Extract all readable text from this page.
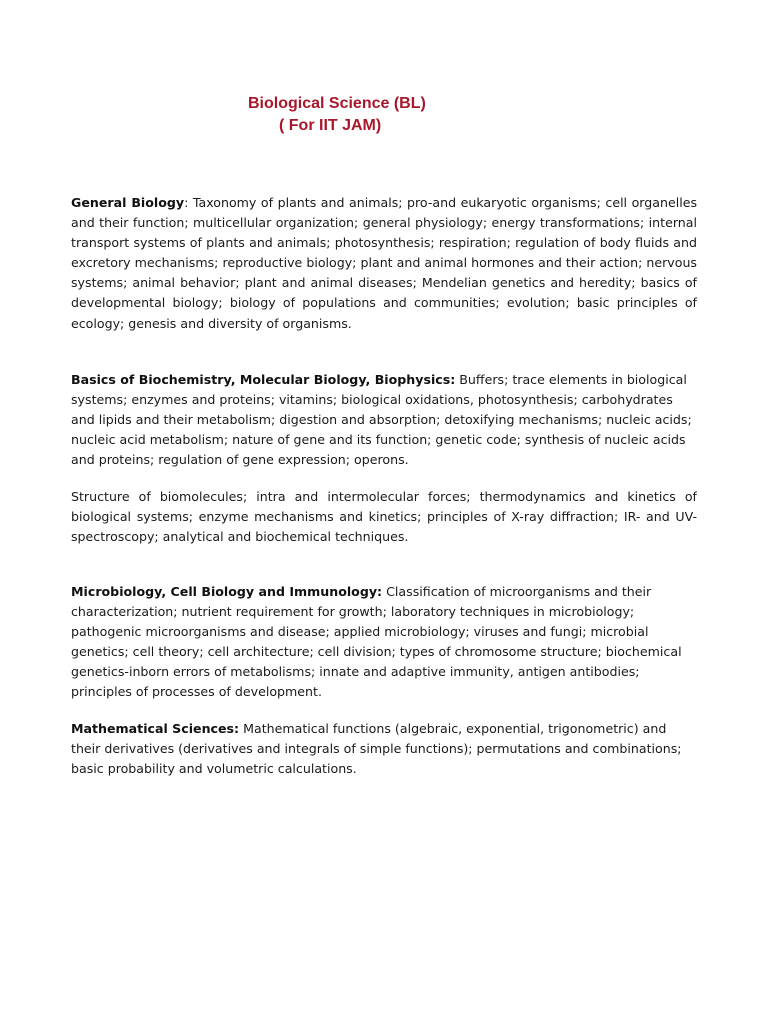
Biological Science (BL)
( For IIT JAM)

General Biology: Taxonomy of plants and animals; pro-and eukaryotic organisms; cell organelles and their function; multicellular organization; general physiology; energy transformations; internal transport systems of plants and animals; photosynthesis; respiration; regulation of body fluids and excretory mechanisms; reproductive biology; plant and animal hormones and their action; nervous systems; animal behavior; plant and animal diseases; Mendelian genetics and heredity; basics of developmental biology; biology of populations and communities; evolution; basic principles of ecology; genesis and diversity of organisms.

Basics of Biochemistry, Molecular Biology, Biophysics: Buffers; trace elements in biological systems; enzymes and proteins; vitamins; biological oxidations, photosynthesis; carbohydrates and lipids and their metabolism; digestion and absorption; detoxifying mechanisms; nucleic acids; nucleic acid metabolism; nature of gene and its function; genetic code; synthesis of nucleic acids and proteins; regulation of gene expression; operons.

Structure of biomolecules; intra and intermolecular forces; thermodynamics and kinetics of biological systems; enzyme mechanisms and kinetics; principles of X-ray diffraction; IR- and UV-spectroscopy; analytical and biochemical techniques.

Microbiology, Cell Biology and Immunology: Classification of microorganisms and their characterization; nutrient requirement for growth; laboratory techniques in microbiology; pathogenic microorganisms and disease; applied microbiology; viruses and fungi; microbial genetics; cell theory; cell architecture; cell division; types of chromosome structure; biochemical genetics-inborn errors of metabolisms; innate and adaptive immunity, antigen antibodies; principles of processes of development.

Mathematical Sciences: Mathematical functions (algebraic, exponential, trigonometric) and their derivatives (derivatives and integrals of simple functions); permutations and combinations; basic probability and volumetric calculations.
